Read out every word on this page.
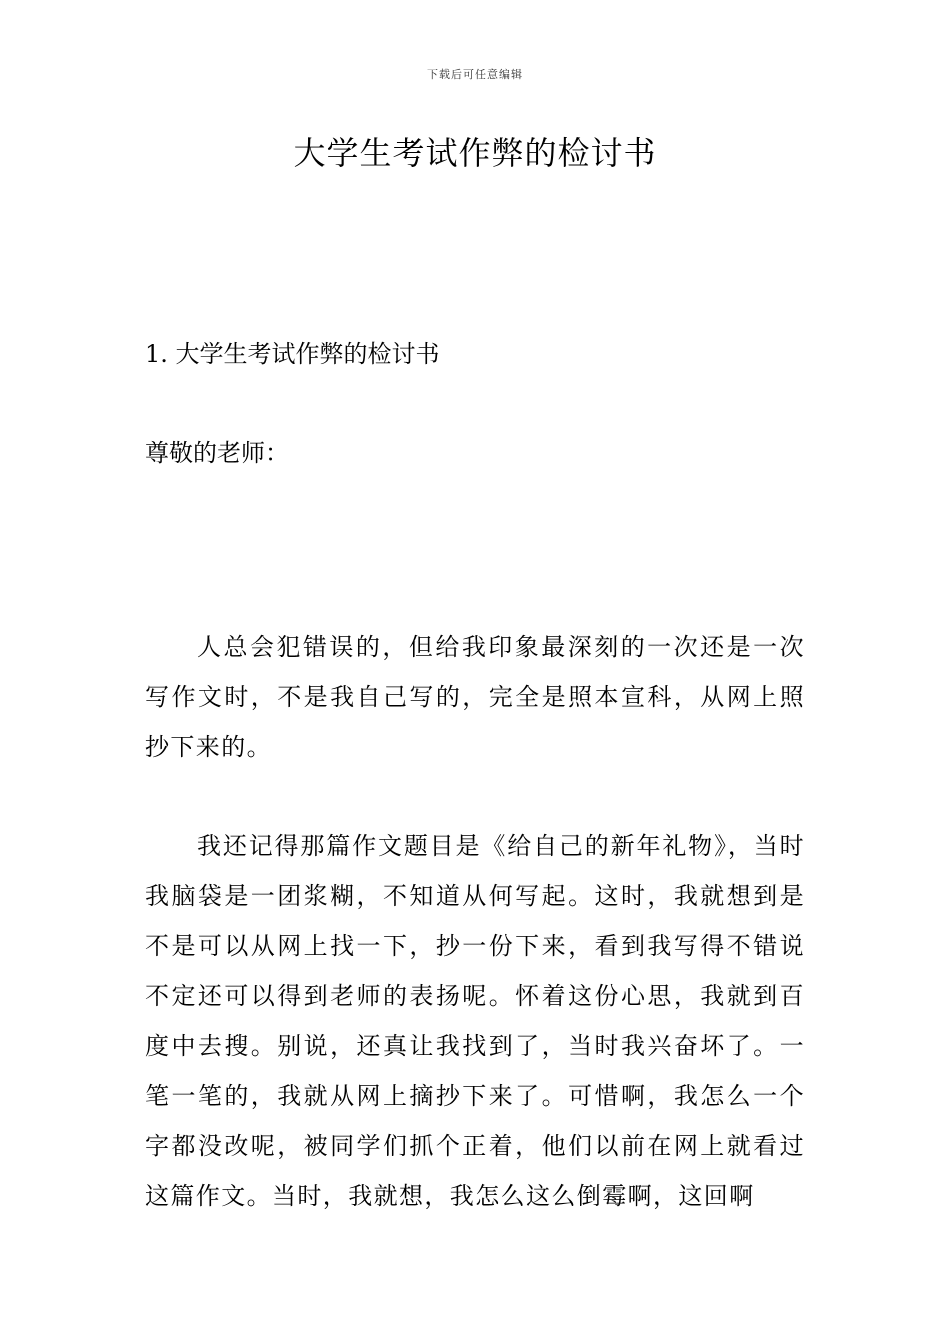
下载后可任意编辑
大学生考试作弊的检讨书
1. 大学生考试作弊的检讨书

尊敬的老师：

人总会犯错误的，但给我印象最深刻的一次还是一次写作文时，不是我自己写的，完全是照本宣科，从网上照抄下来的。

我还记得那篇作文题目是《给自己的新年礼物》，当时我脑袋是一团浆糊，不知道从何写起。这时，我就想到是不是可以从网上找一下，抄一份下来，看到我写得不错说不定还可以得到老师的表扬呢。怀着这份心思，我就到百度中去搜。别说，还真让我找到了，当时我兴奋坏了。一笔一笔的，我就从网上摘抄下来了。可惜啊，我怎么一个字都没改呢，被同学们抓个正着，他们以前在网上就看过这篇作文。当时，我就想，我怎么这么倒霉啊，这回啊
